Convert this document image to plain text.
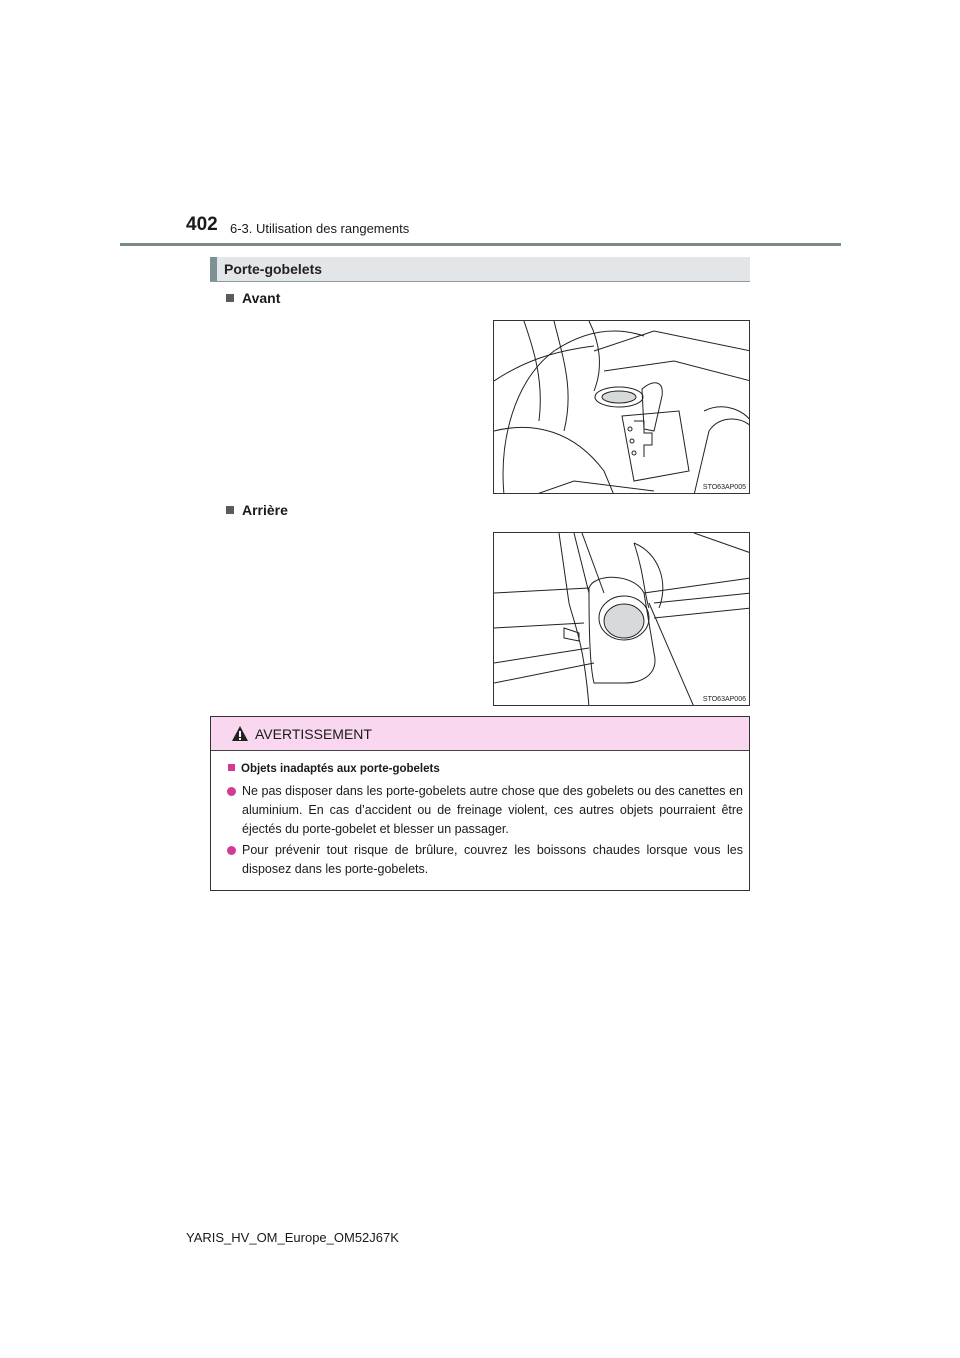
402 6-3. Utilisation des rangements
Porte-gobelets
Avant
STO63AP005
Arrière
STO63AP006
AVERTISSEMENT
Objets inadaptés aux porte-gobelets
Ne pas disposer dans les porte-gobelets autre chose que des gobelets ou des canettes en aluminium. En cas d’accident ou de freinage violent, ces autres objets pourraient être éjectés du porte-gobelet et blesser un passager.
Pour prévenir tout risque de brûlure, couvrez les boissons chaudes lorsque vous les disposez dans les porte-gobelets.
YARIS_HV_OM_Europe_OM52J67K
